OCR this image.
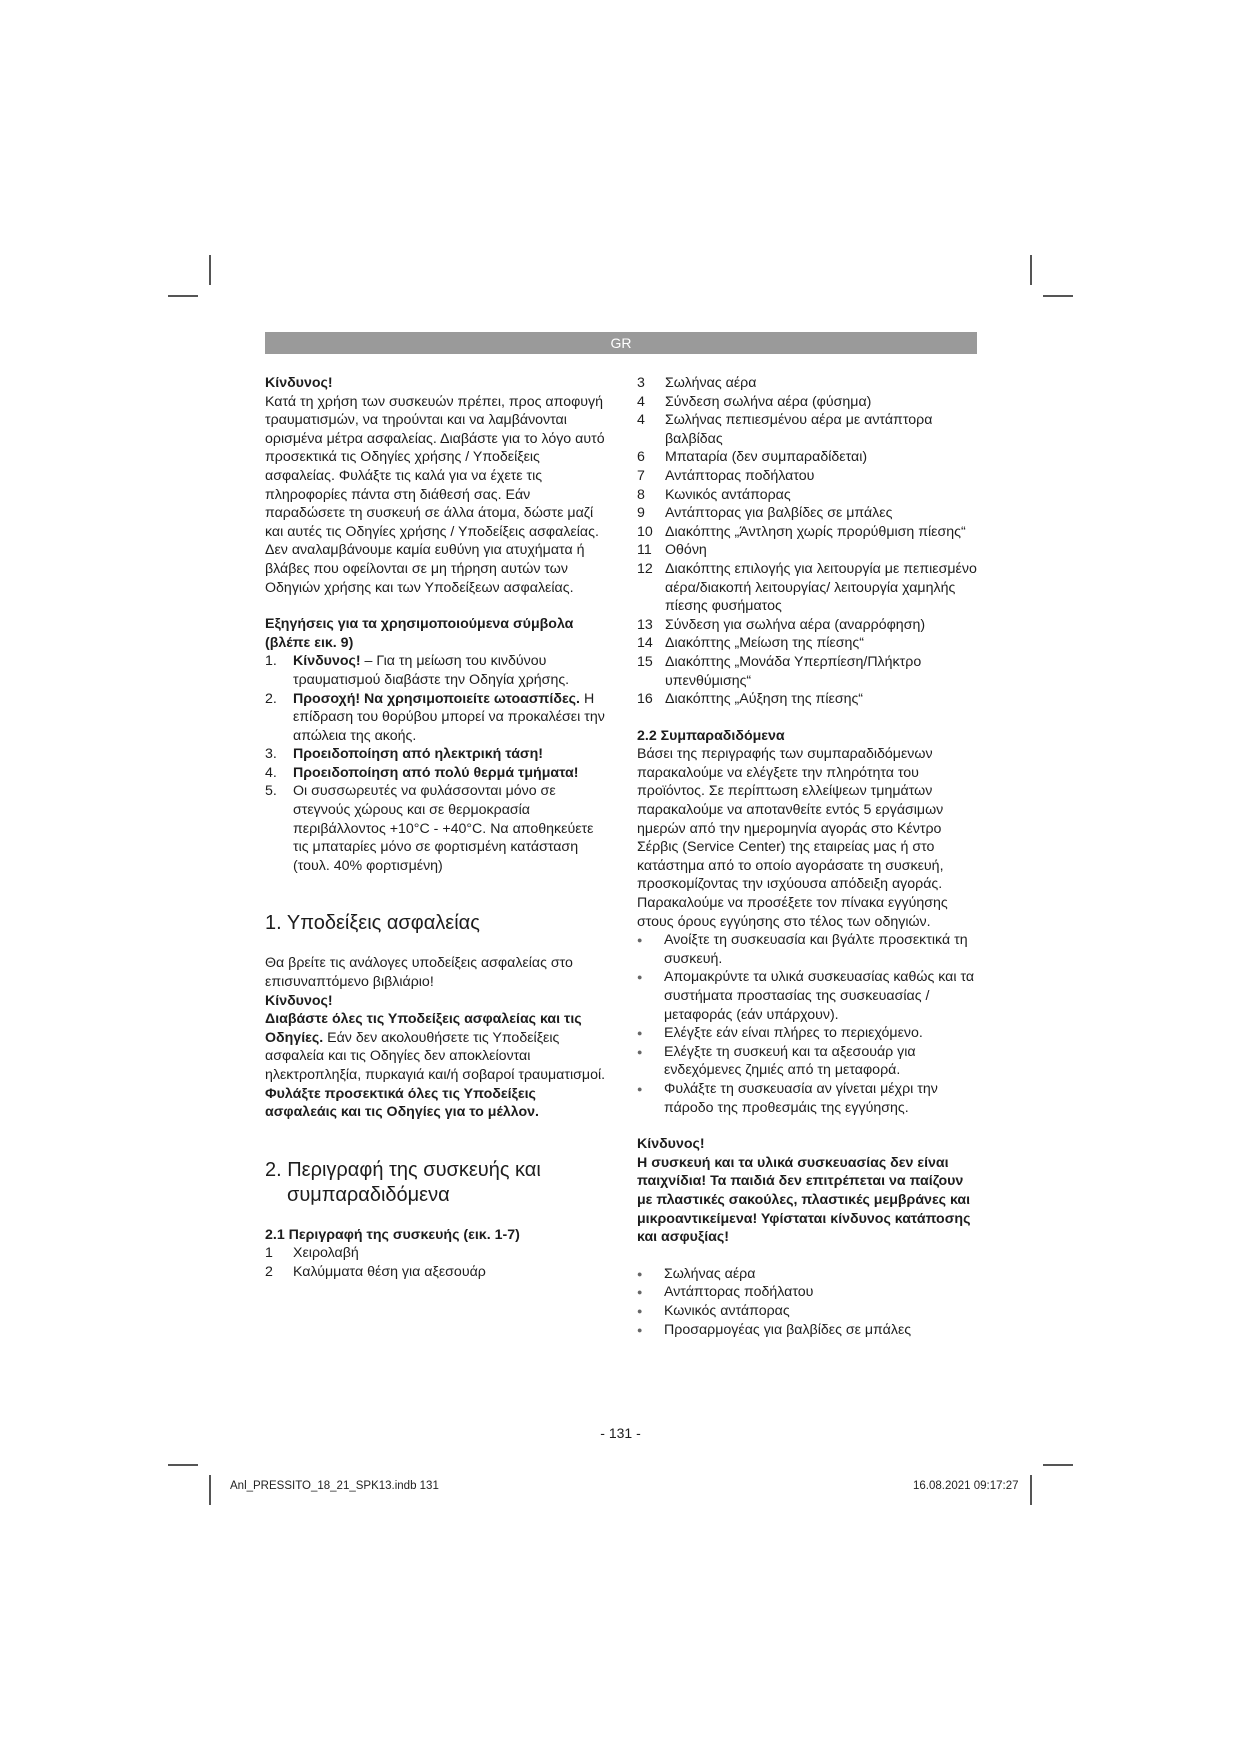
GR

Κίνδυνος!

Κατά τη χρήση των συσκευών πρέπει, προς αποφυγή τραυματισμών, να τηρούνται και να λαμβάνονται ορισμένα μέτρα ασφαλείας. Διαβάστε για το λόγο αυτό προσεκτικά τις Οδηγίες χρήσης / Υποδείξεις ασφαλείας. Φυλάξτε τις καλά για να έχετε τις πληροφορίες πάντα στη διάθεσή σας. Εάν παραδώσετε τη συσκευή σε άλλα άτομα, δώστε μαζί και αυτές τις Οδηγίες χρήσης / Υποδείξεις ασφαλείας. Δεν αναλαμβάνουμε καμία ευθύνη για ατυχήματα ή βλάβες που οφείλονται σε μη τήρηση αυτών των Οδηγιών χρήσης και των Υποδείξεων ασφαλείας.

Εξηγήσεις για τα χρησιμοποιούμενα σύμβολα (βλέπε εικ. 9)

1.	Κίνδυνος! – Για τη μείωση του κινδύνου τραυματισμού διαβάστε την Οδηγία χρήσης.
2.	Προσοχή! Να χρησιμοποιείτε ωτοασπίδες. Η επίδραση του θορύβου μπορεί να προκαλέσει την απώλεια της ακοής.
3.	Προειδοποίηση από ηλεκτρική τάση!
4.	Προειδοποίηση από πολύ θερμά τμήματα!
5.	Οι συσσωρευτές να φυλάσσονται μόνο σε στεγνούς χώρους και σε θερμοκρασία περιβάλλοντος +10°C - +40°C. Να αποθηκεύετε τις μπαταρίες μόνο σε φορτισμένη κατάσταση (τουλ. 40% φορτισμένη)

1. Υποδείξεις ασφαλείας

Θα βρείτε τις ανάλογες υποδείξεις ασφαλείας στο επισυναπτόμενο βιβλιάριο!

Κίνδυνος!

Διαβάστε όλες τις Υποδείξεις ασφαλείας και τις Οδηγίες. Εάν δεν ακολουθήσετε τις Υποδείξεις ασφαλεία και τις Οδηγίες δεν αποκλείονται ηλεκτροπληξία, πυρκαγιά και/ή σοβαροί τραυματισμοί. Φυλάξτε προσεκτικά όλες τις Υποδείξεις ασφαλεάις και τις Οδηγίες για το μέλλον.

2. Περιγραφή της συσκευής και

συμπαραδιδόμενα

2.1 Περιγραφή της συσκευής (εικ. 1-7)

1	Χειρολαβή
2	Καλύμματα θέση για αξεσουάρ
3	Σωλήνας αέρα
4	Σύνδεση σωλήνα αέρα (φύσημα)
4	Σωλήνας πεπιεσμένου αέρα με αντάπτορα βαλβίδας
6	Μπαταρία (δεν συμπαραδίδεται)
7	Αντάπτορας ποδήλατου
8	Κωνικός αντάπορας
9	Αντάπτορας για βαλβίδες σε μπάλες
10 Διακόπτης „Άντληση χωρίς προρύθμιση πίεσης“
11 Οθόνη
12 Διακόπτης επιλογής για λειτουργία με πεπιεσμένο αέρα/διακοπή λειτουργίας/ λειτουργία χαμηλής πίεσης φυσήματος
13 Σύνδεση για σωλήνα αέρα (αναρρόφηση)
14 Διακόπτης „Μείωση της πίεσης“
15 Διακόπτης „Μονάδα Υπερπίεση/Πλήκτρο υπενθύμισης“
16 Διακόπτης „Αύξηση της πίεσης“

2.2 Συμπαραδιδόμενα

Βάσει της περιγραφής των συμπαραδιδόμενων παρακαλούμε να ελέγξετε την πληρότητα του προϊόντος. Σε περίπτωση ελλείψεων τμημάτων παρακαλούμε να αποτανθείτε εντός 5 εργάσιμων ημερών από την ημερομηνία αγοράς στο Κέντρο Σέρβις (Service Center) της εταιρείας μας ή στο κατάστημα από το οποίο αγοράσατε τη συσκευή, προσκομίζοντας την ισχύουσα απόδειξη αγοράς. Παρακαλούμε να προσέξετε τον πίνακα εγγύησης στους όρους εγγύησης στο τέλος των οδηγιών.

●	Ανοίξτε τη συσκευασία και βγάλτε προσεκτικά τη συσκευή.
●	Απομακρύντε τα υλικά συσκευασίας καθώς και τα συστήματα προστασίας της συσκευασίας / μεταφοράς (εάν υπάρχουν).
●	Ελέγξτε εάν είναι πλήρες το περιεχόμενο.
●	Ελέγξτε τη συσκευή και τα αξεσουάρ για ενδεχόμενες ζημιές από τη μεταφορά.
●	Φυλάξτε τη συσκευασία αν γίνεται μέχρι την πάροδο της προθεσμάις της εγγύησης.

Κίνδυνος!

Η συσκευή και τα υλικά συσκευασίας δεν είναι παιχνίδια! Τα παιδιά δεν επιτρέπεται να παίζουν με πλαστικές σακούλες, πλαστικές μεμβράνες και μικροαντικείμενα! Υφίσταται κίνδυνος κατάποσης και ασφυξίας!

●	Σωλήνας αέρα
●	Αντάπτορας ποδήλατου
●	Κωνικός αντάπορας
●	Προσαρμογέας για βαλβίδες σε μπάλες
- 131 -
Anl_PRESSITO_18_21_SPK13.indb 131	16.08.2021 09:17:27
